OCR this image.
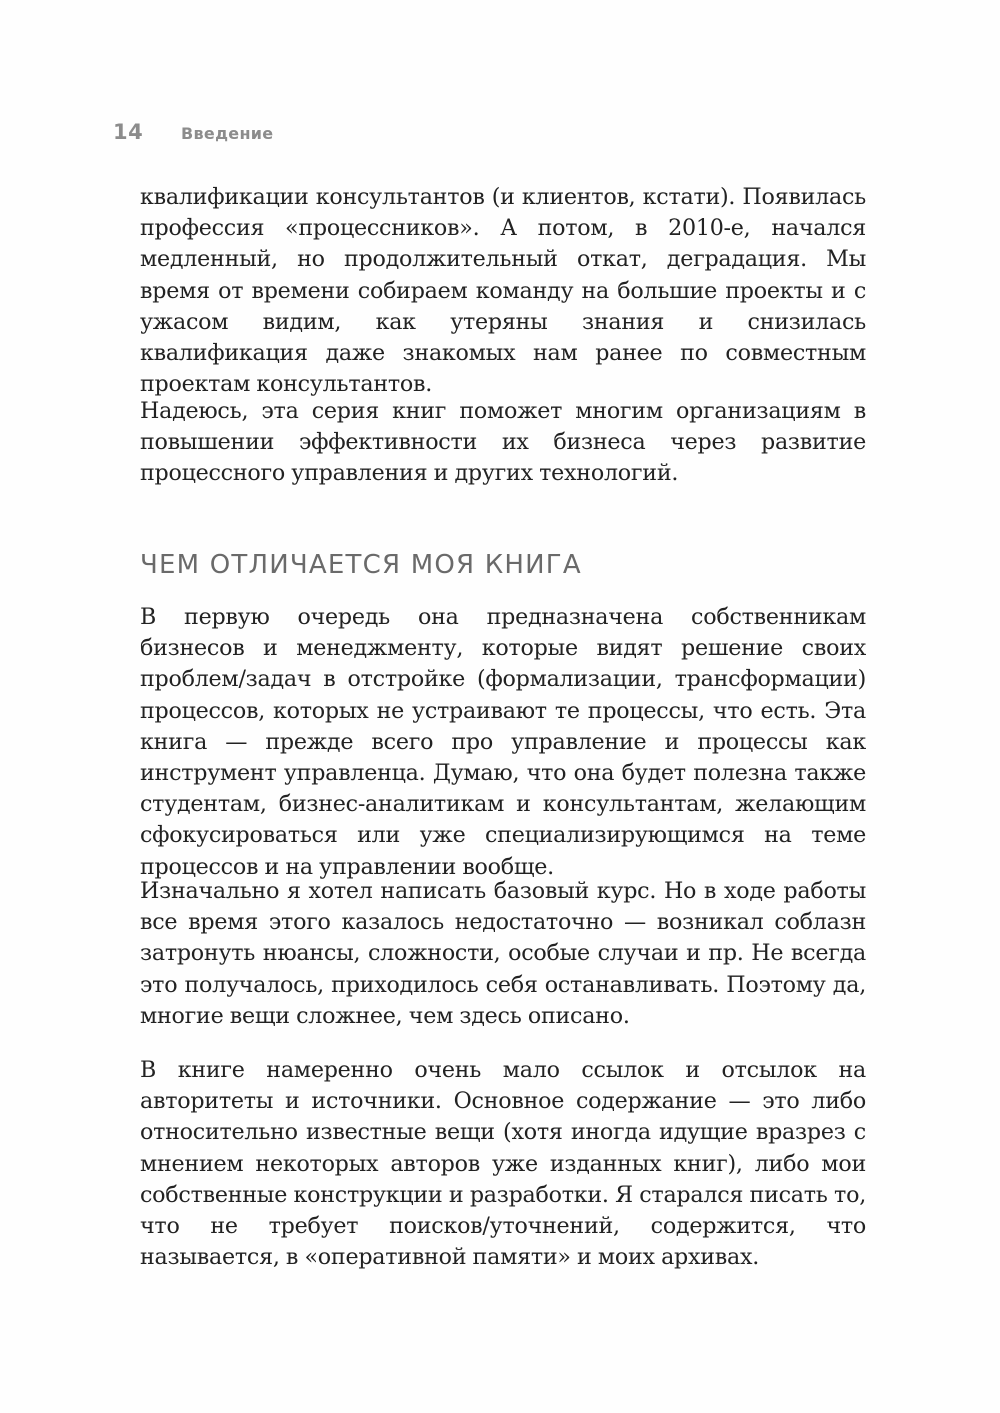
14	Введение

квалификации консультантов (и клиентов, кстати). Появилась профессия «процессников». А потом, в 2010-е, начался медленный, но продолжительный откат, деградация. Мы время от времени собираем команду на большие проекты и с ужасом видим, как утеряны знания и снизилась квалификация даже знакомых нам ранее по совместным проектам консультантов.

Надеюсь, эта серия книг поможет многим организациям в повышении эффективности их бизнеса через развитие процессного управления и других технологий.

ЧЕМ ОТЛИЧАЕТСЯ МОЯ КНИГА

В первую очередь она предназначена собственникам бизнесов и менеджменту, которые видят решение своих проблем/задач в отстройке (формализации, трансформации) процессов, которых не устраивают те процессы, что есть. Эта книга — прежде всего про управление и процессы как инструмент управленца. Думаю, что она будет полезна также студентам, бизнес-аналитикам и консультантам, желающим сфокусироваться или уже специализирующимся на теме процессов и на управлении вообще.

Изначально я хотел написать базовый курс. Но в ходе работы все время этого казалось недостаточно — возникал соблазн затронуть нюансы, сложности, особые случаи и пр. Не всегда это получалось, приходилось себя останавливать. Поэтому да, многие вещи сложнее, чем здесь описано.

В книге намеренно очень мало ссылок и отсылок на авторитеты и источники. Основное содержание — это либо относительно известные вещи (хотя иногда идущие вразрез с мнением некоторых авторов уже изданных книг), либо мои собственные конструкции и разработки. Я старался писать то, что не требует поисков/уточнений, содержится, что называется, в «оперативной памяти» и моих архивах.
